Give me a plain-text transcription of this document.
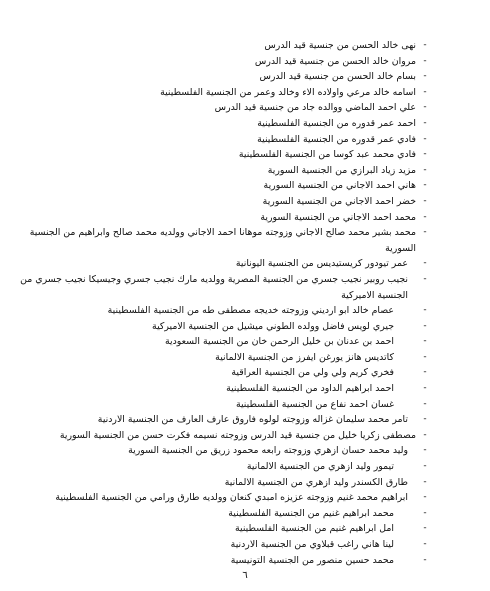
-
نهى خالد الحسن من جنسية قيد الدرس
-
مروان خالد الحسن من جنسية قيد الدرس
-
بسام خالد الحسن من جنسية قيد الدرس
-
اسامه خالد مرعي واولاده الاء وخالد وعمر من الجنسية الفلسطينية
-
علي احمد الماضي ووالده جاد من جنسية قيد الدرس
-
احمد عمر قدوره من الجنسية الفلسطينية
-
فادي عمر قدوره من الجنسية الفلسطينية
-
فادي محمد عبد كوسا من الجنسية الفلسطينية
-
مزيد زياد البرازي من الجنسية السورية
-
هاني احمد الاجاني من الجنسية السورية
-
خضر احمد الاجاني من الجنسية السورية
-
محمد احمد الاجاني من الجنسية السورية
-
محمد بشير محمد صالح الاجاني وزوجته موهانا احمد الاجاني وولديه محمد صالح وابراهيم من الجنسية السورية
-
عمر تيودور كريستيديس من الجنسية اليونانية
-
نجيب روبير نجيب جسري من الجنسية المصرية وولديه مارك نجيب جسري وجيسيكا نجيب جسري من الجنسية الاميركية
-
عصام خالد ابو ارديني وزوجته خديجه مصطفى طه من الجنسية الفلسطينية
-
جيري لويس فاضل وولده الطوني ميشيل من الجنسية الاميركية
-
احمد بن عدنان بن خليل الرحمن خان من الجنسية السعودية
-
كاتديس هانز يورغن ايفرز من الجنسية الالمانية
-
فخري كريم ولي ولي من الجنسية العراقية
-
احمد ابراهيم الداود من الجنسية الفلسطينية
-
غسان احمد نفاع من الجنسية الفلسطينية
-
تامر محمد سليمان غزاله وزوجته لولوه فاروق عارف العارف من الجنسية الاردنية
-
مصطفى زكريا خليل من جنسية قيد الدرس وزوجته نسيمه فكرت حسن من الجنسية السورية
-
وليد محمد حسان ازهري وزوجته رابعه محمود زريق من الجنسية السورية
-
تيمور وليد ازهري من الجنسية الالمانية
-
طارق الكسندر وليد ازهري من الجنسية الالمانية
-
ابراهيم محمد غنيم وزوجته عزيزه امبدي كنعان وولديه طارق ورامي من الجنسية الفلسطينية
-
محمد ابراهيم غنيم من الجنسية الفلسطينية
-
امل ابراهيم غنيم من الجنسية الفلسطينية
-
لينا هاني راغب قبلاوي من الجنسية الاردنية
-
محمد حسين منصور من الجنسية التونيسية
٦
